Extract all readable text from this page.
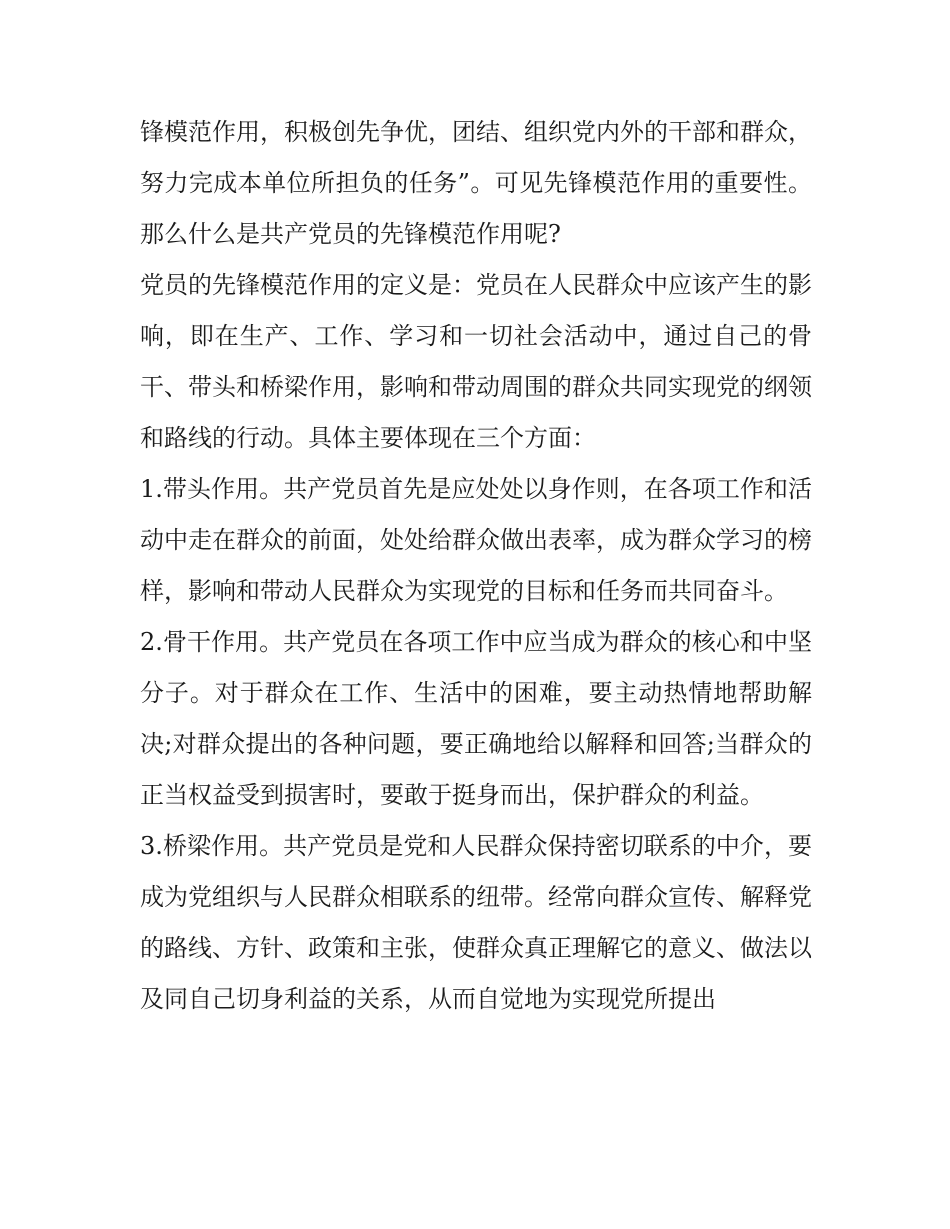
锋模范作用，积极创先争优，团结、组织党内外的干部和群众，努力完成本单位所担负的任务”。可见先锋模范作用的重要性。那么什么是共产党员的先锋模范作用呢?

党员的先锋模范作用的定义是：党员在人民群众中应该产生的影响，即在生产、工作、学习和一切社会活动中，通过自己的骨干、带头和桥梁作用，影响和带动周围的群众共同实现党的纲领和路线的行动。具体主要体现在三个方面：

1.带头作用。共产党员首先是应处处以身作则，在各项工作和活动中走在群众的前面，处处给群众做出表率，成为群众学习的榜样，影响和带动人民群众为实现党的目标和任务而共同奋斗。

2.骨干作用。共产党员在各项工作中应当成为群众的核心和中坚分子。对于群众在工作、生活中的困难，要主动热情地帮助解决;对群众提出的各种问题，要正确地给以解释和回答;当群众的正当权益受到损害时，要敢于挺身而出，保护群众的利益。

3.桥梁作用。共产党员是党和人民群众保持密切联系的中介，要成为党组织与人民群众相联系的纽带。经常向群众宣传、解释党的路线、方针、政策和主张，使群众真正理解它的意义、做法以及同自己切身利益的关系，从而自觉地为实现党所提出
